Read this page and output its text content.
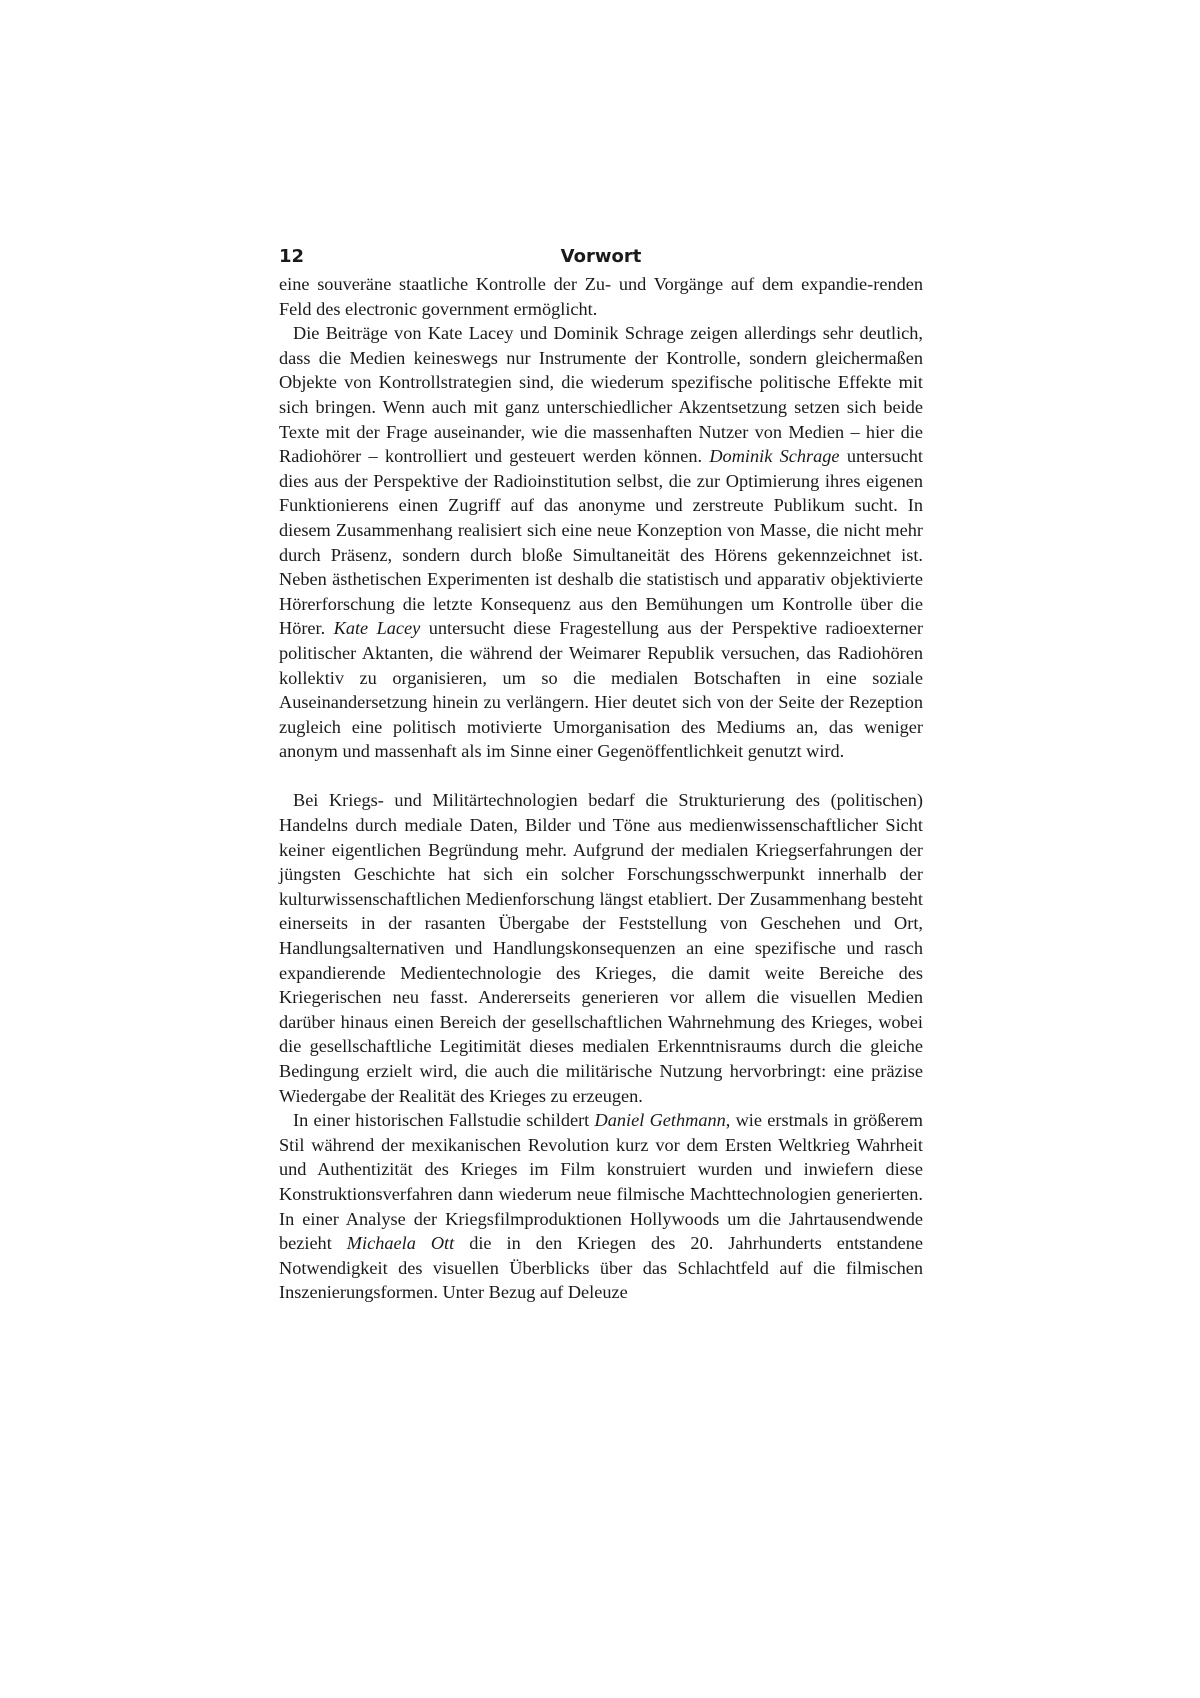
12	Vorwort

eine souveräne staatliche Kontrolle der Zu- und Vorgänge auf dem expandie-renden Feld des electronic government ermöglicht.

Die Beiträge von Kate Lacey und Dominik Schrage zeigen allerdings sehr deutlich, dass die Medien keineswegs nur Instrumente der Kontrolle, sondern gleichermaßen Objekte von Kontrollstrategien sind, die wiederum spezifische politische Effekte mit sich bringen. Wenn auch mit ganz unterschiedlicher Akzentsetzung setzen sich beide Texte mit der Frage auseinander, wie die massenhaften Nutzer von Medien – hier die Radiohörer – kontrolliert und gesteuert werden können. Dominik Schrage untersucht dies aus der Perspektive der Radioinstitution selbst, die zur Optimierung ihres eigenen Funktionierens einen Zugriff auf das anonyme und zerstreute Publikum sucht. In diesem Zusammenhang realisiert sich eine neue Konzeption von Masse, die nicht mehr durch Präsenz, sondern durch bloße Simultaneität des Hörens gekennzeichnet ist. Neben ästhetischen Experimenten ist deshalb die statistisch und apparativ objektivierte Hörerforschung die letzte Konsequenz aus den Bemühungen um Kontrolle über die Hörer. Kate Lacey untersucht diese Fragestellung aus der Perspektive radioexterner politischer Aktanten, die während der Weimarer Republik versuchen, das Radiohören kollektiv zu organisieren, um so die medialen Botschaften in eine soziale Auseinandersetzung hinein zu verlängern. Hier deutet sich von der Seite der Rezeption zugleich eine politisch motivierte Umorganisation des Mediums an, das weniger anonym und massenhaft als im Sinne einer Gegenöffentlichkeit genutzt wird.

Bei Kriegs- und Militärtechnologien bedarf die Strukturierung des (politischen) Handelns durch mediale Daten, Bilder und Töne aus medienwissenschaftlicher Sicht keiner eigentlichen Begründung mehr. Aufgrund der medialen Kriegserfahrungen der jüngsten Geschichte hat sich ein solcher Forschungsschwerpunkt innerhalb der kulturwissenschaftlichen Medienforschung längst etabliert. Der Zusammenhang besteht einerseits in der rasanten Übergabe der Feststellung von Geschehen und Ort, Handlungsalternativen und Handlungskonsequenzen an eine spezifische und rasch expandierende Medientechnologie des Krieges, die damit weite Bereiche des Kriegerischen neu fasst. Andererseits generieren vor allem die visuellen Medien darüber hinaus einen Bereich der gesellschaftlichen Wahrnehmung des Krieges, wobei die gesellschaftliche Legitimität dieses medialen Erkenntnisraums durch die gleiche Bedingung erzielt wird, die auch die militärische Nutzung hervorbringt: eine präzise Wiedergabe der Realität des Krieges zu erzeugen.

In einer historischen Fallstudie schildert Daniel Gethmann, wie erstmals in größerem Stil während der mexikanischen Revolution kurz vor dem Ersten Weltkrieg Wahrheit und Authentizität des Krieges im Film konstruiert wurden und inwiefern diese Konstruktionsverfahren dann wiederum neue filmische Machttechnologien generierten. In einer Analyse der Kriegsfilmproduktionen Hollywoods um die Jahrtausendwende bezieht Michaela Ott die in den Kriegen des 20. Jahrhunderts entstandene Notwendigkeit des visuellen Überblicks über das Schlachtfeld auf die filmischen Inszenierungsformen. Unter Bezug auf Deleuze
